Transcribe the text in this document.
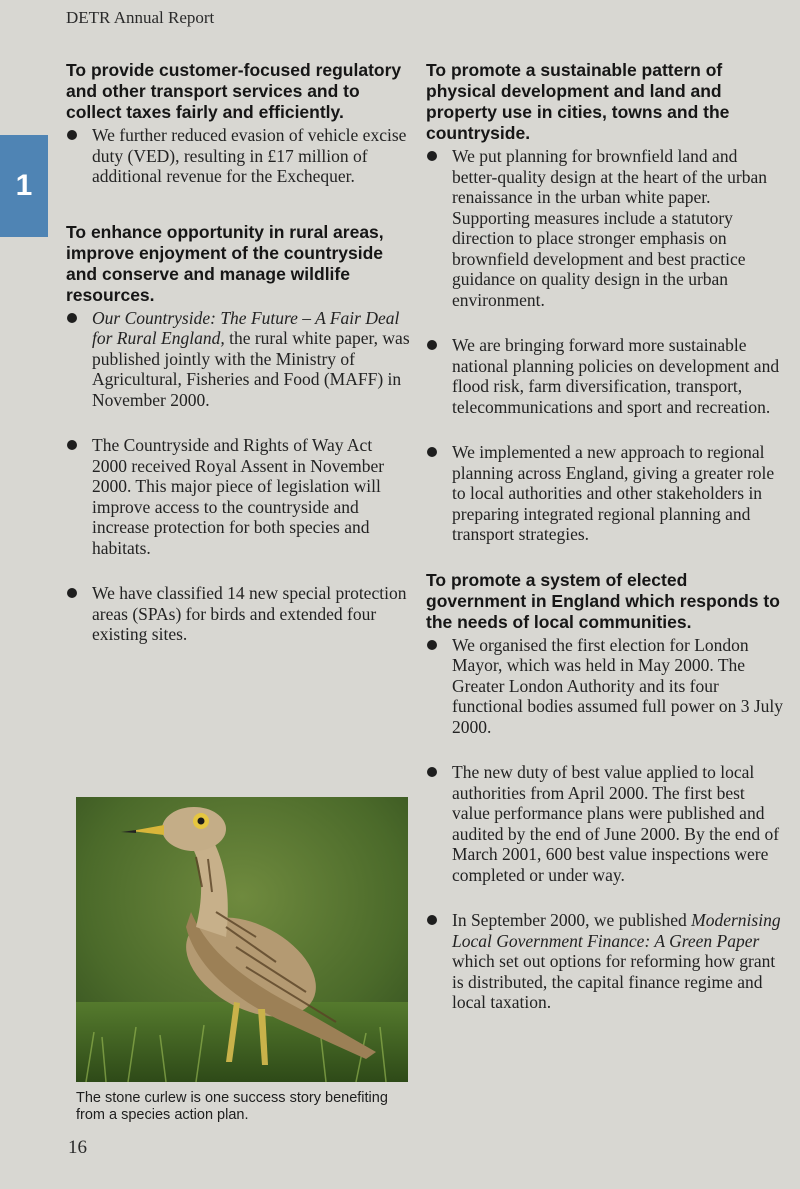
DETR Annual Report
1
To provide customer-focused regulatory and other transport services and to collect taxes fairly and efficiently.
We further reduced evasion of vehicle excise duty (VED), resulting in £17 million of additional revenue for the Exchequer.
To enhance opportunity in rural areas, improve enjoyment of the countryside and conserve and manage wildlife resources.
Our Countryside: The Future – A Fair Deal for Rural England, the rural white paper, was published jointly with the Ministry of Agricultural, Fisheries and Food (MAFF) in November 2000.
The Countryside and Rights of Way Act 2000 received Royal Assent in November 2000. This major piece of legislation will improve access to the countryside and increase protection for both species and habitats.
We have classified 14 new special protection areas (SPAs) for birds and extended four existing sites.
To promote a sustainable pattern of physical development and land and property use in cities, towns and the countryside.
We put planning for brownfield land and better-quality design at the heart of the urban renaissance in the urban white paper. Supporting measures include a statutory direction to place stronger emphasis on brownfield development and best practice guidance on quality design in the urban environment.
We are bringing forward more sustainable national planning policies on development and flood risk, farm diversification, transport, telecommunications and sport and recreation.
We implemented a new approach to regional planning across England, giving a greater role to local authorities and other stakeholders in preparing integrated regional planning and transport strategies.
To promote a system of elected government in England which responds to the needs of local communities.
We organised the first election for London Mayor, which was held in May 2000. The Greater London Authority and its four functional bodies assumed full power on 3 July 2000.
The new duty of best value applied to local authorities from April 2000. The first best value performance plans were published and audited by the end of June 2000. By the end of March 2001, 600 best value inspections were completed or under way.
In September 2000, we published Modernising Local Government Finance: A Green Paper which set out options for reforming how grant is distributed, the capital finance regime and local taxation.
The stone curlew is one success story benefiting from a species action plan.
16
